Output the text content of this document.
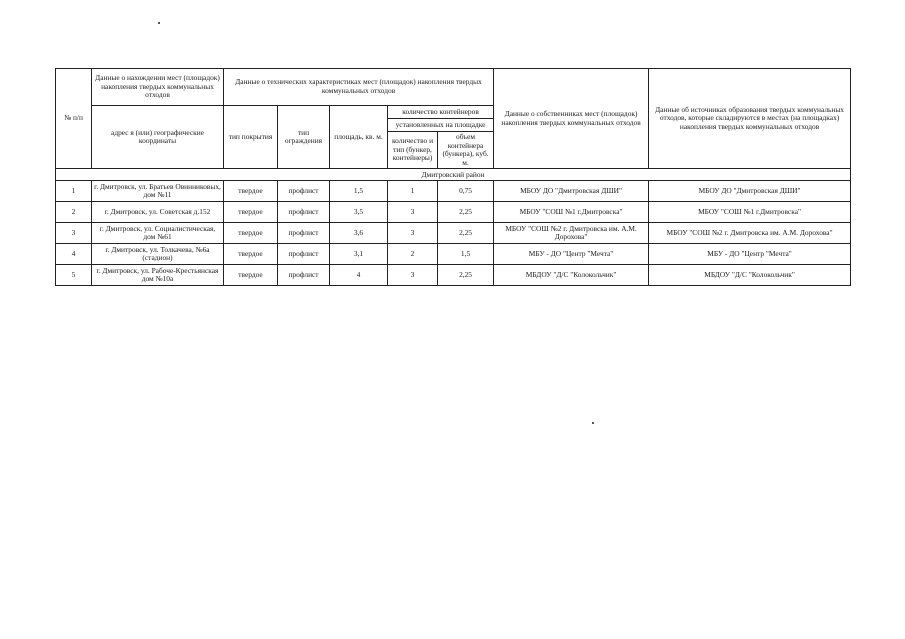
№ п/п	Данные о нахождении мест (площадок) накопления твердых коммунальных отходов	Данные о технических характеристиках мест (площадок) накопления твердых коммунальных отходов					Данные о собственниках мест (площадок) накопления твердых коммунальных отходов	Данные об источниках образования твердых коммунальных отходов, которые складируются в местах (на площадках) накопления твердых коммунальных отходов
	адрес я (или) географические координаты	тип покрытия	тип ограждения	площадь, кв. м.	количество контейнеров			
					установленных на площадке			
					количество и тип (бункер, контейнеры)	объем контейнера (бункера), куб. м.		
Дмитровский район								
1	г. Дмитровск, ул. Братьев Овинниковых, дом №11	твердое	профлист	1,5	1	0,75	МБОУ ДО "Дмитровская ДШИ"	МБОУ ДО "Дмитровская ДШИ"
2	г. Дмитровск, ул. Советская д.152	твердое	профлист	3,5	3	2,25	МБОУ "СОШ №1 г.Дмитровска"	МБОУ "СОШ №1 г.Дмитровска"
3	г. Дмитровск, ул. Социалистическая, дом №61	твердое	профлист	3,6	3	2,25	МБОУ "СОШ №2 г. Дмитровска им. А.М. Дорохова"	МБОУ "СОШ №2 г. Дмитровска им. А.М. Дорохова"
4	г. Дмитровск, ул. Толкачева, №6а (стадион)	твердое	профлист	3,1	2	1,5	МБУ - ДО "Центр "Мечта"	МБУ - ДО "Центр "Мечта"
5	г. Дмитровск, ул. Рабоче-Крестьянская дом №10а	твердое	профлист	4	3	2,25	МБДОУ "Д/С "Колокольчик"	МБДОУ "Д/С "Колокольчик"
